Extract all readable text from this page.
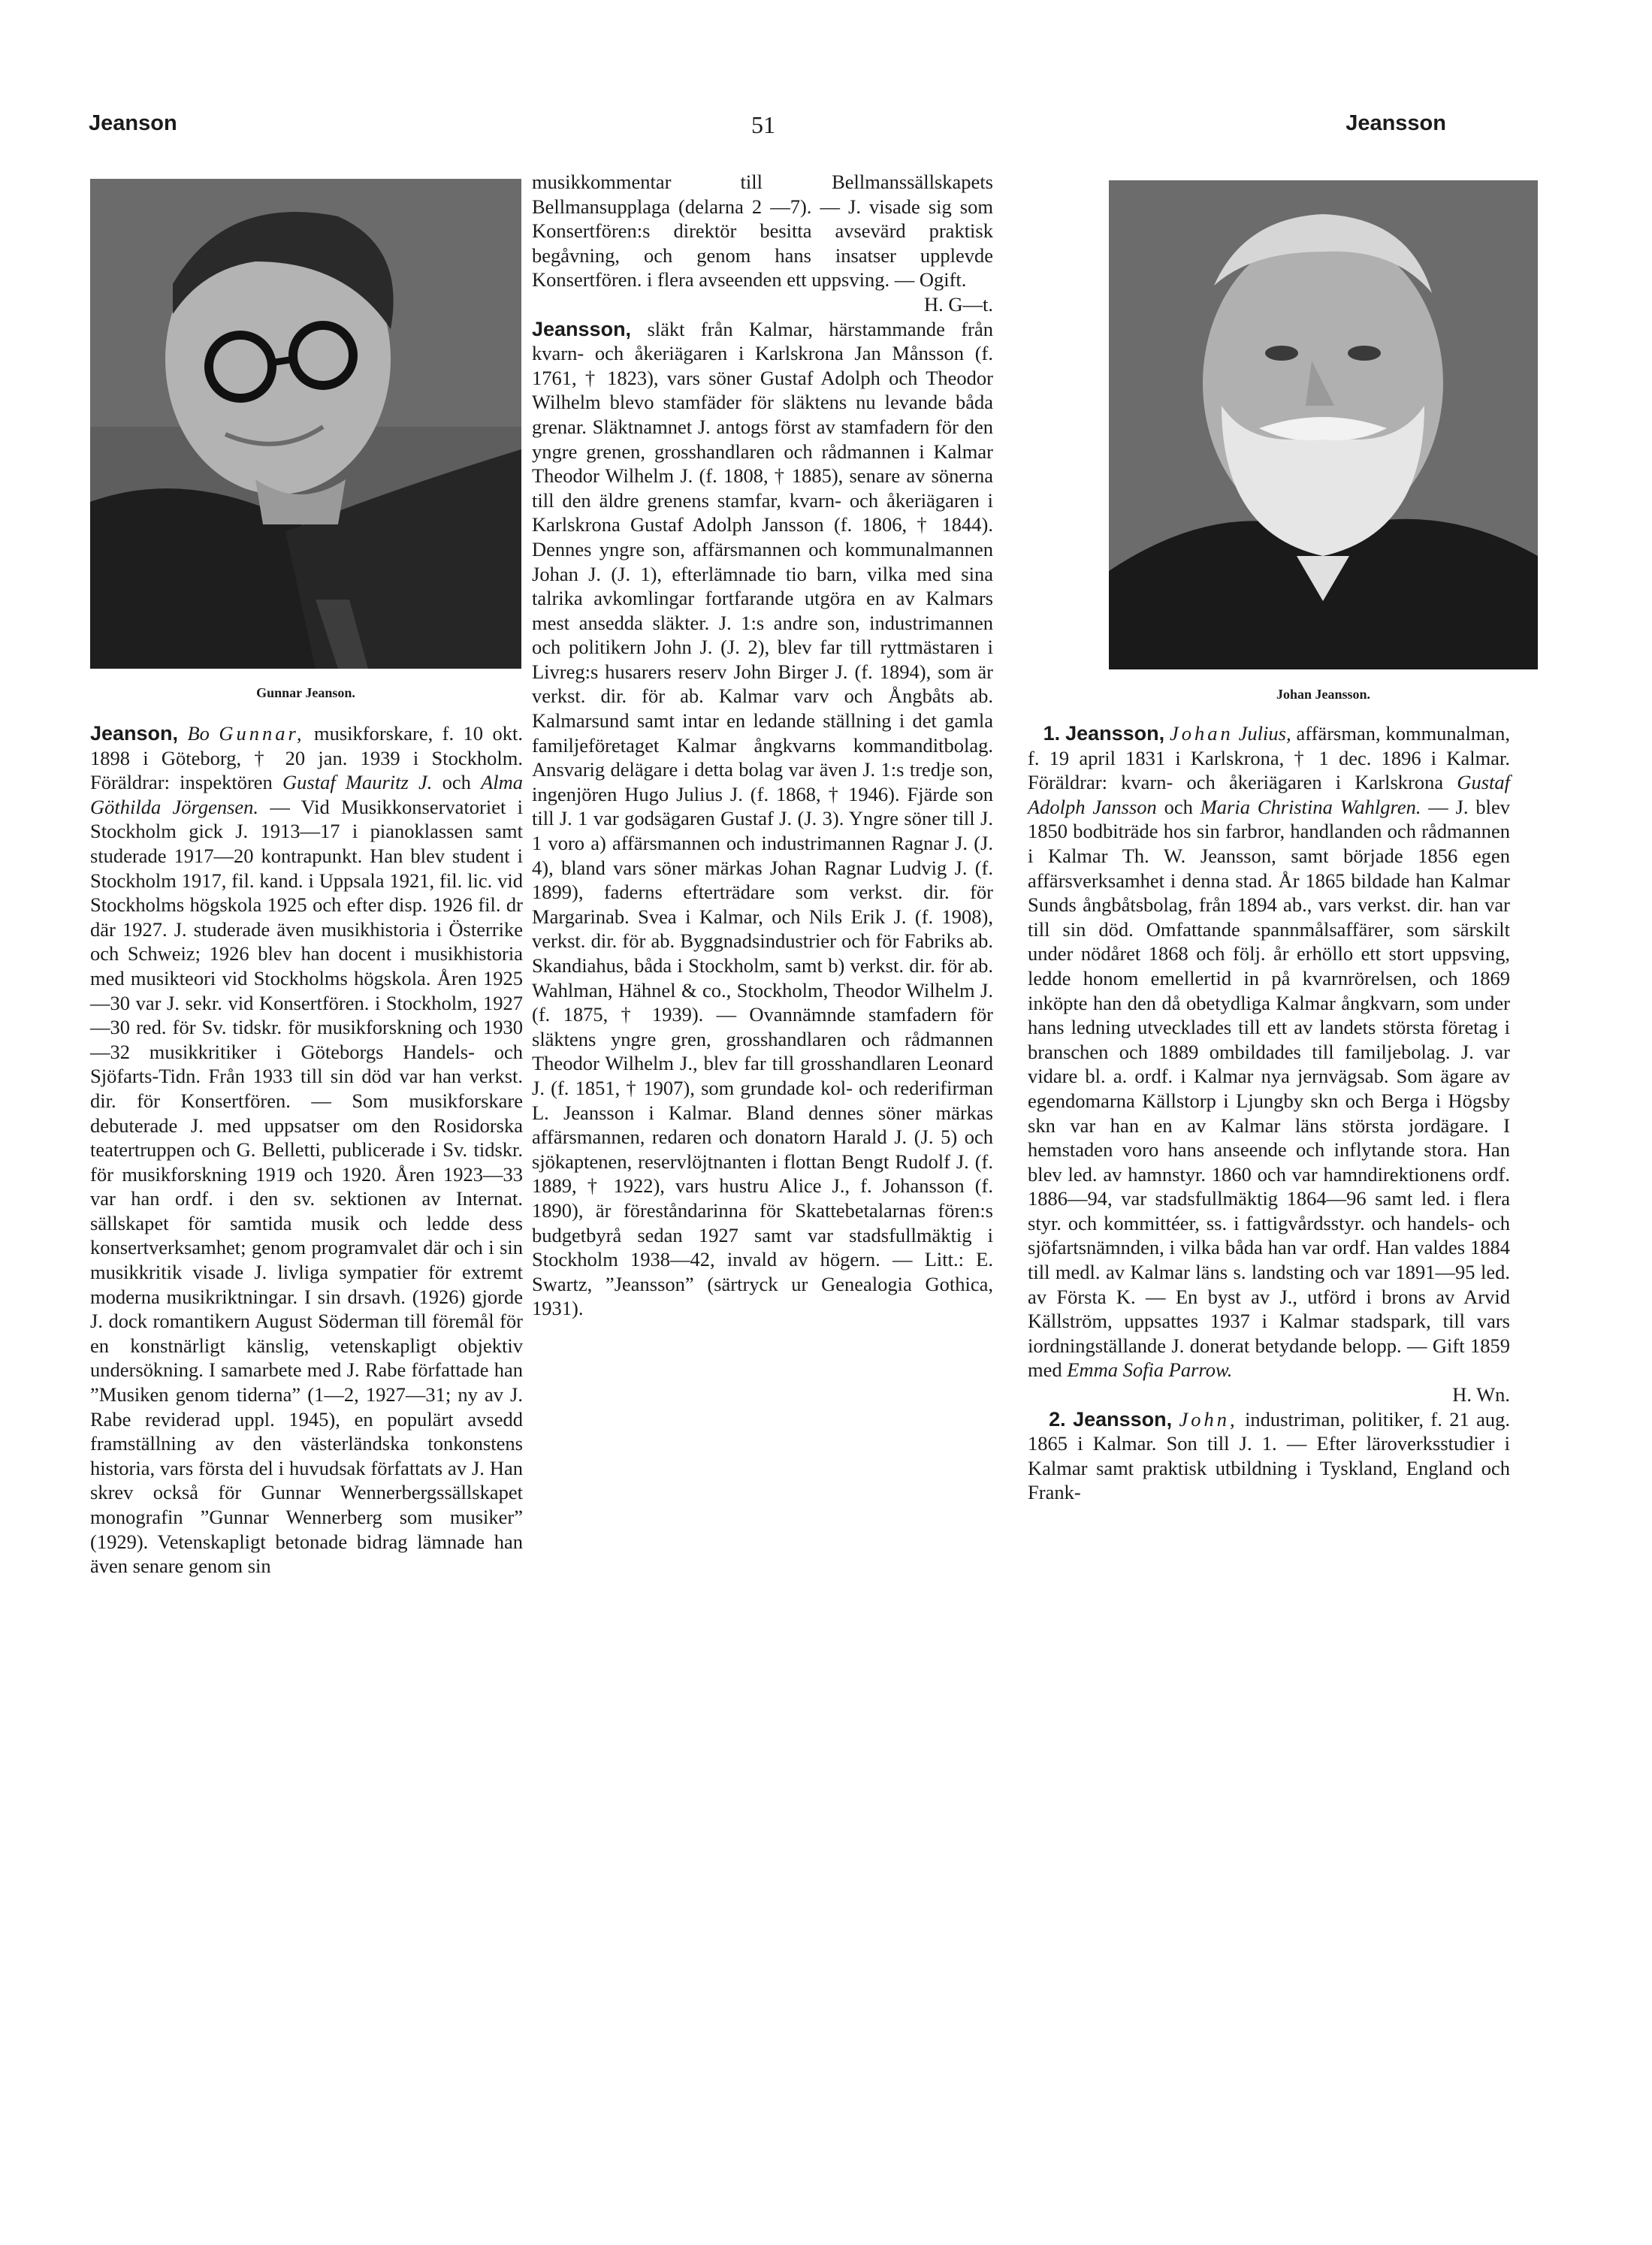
Jeanson	51	Jeansson
Gunnar Jeanson.	Johan Jeansson.

Jeanson, Bo Gunnar, musikforskare, f. 10 okt. 1898 i Göteborg, † 20 jan. 1939 i Stockholm. Föräldrar: inspektören Gustaf Mauritz J. och Alma Göthilda Jörgensen. — Vid Musikkonservatoriet i Stockholm gick J. 1913—17 i pianoklassen samt studerade 1917—20 kontrapunkt. Han blev student i Stockholm 1917, fil. kand. i Uppsala 1921, fil. lic. vid Stockholms högskola 1925 och efter disp. 1926 fil. dr där 1927. J. studerade även musikhistoria i Österrike och Schweiz; 1926 blev han docent i musikhistoria med musikteori vid Stockholms högskola. Åren 1925—30 var J. sekr. vid Konsertfören. i Stockholm, 1927 —30 red. för Sv. tidskr. för musikforskning och 1930—32 musikkritiker i Göteborgs Handels- och Sjöfarts-Tidn. Från 1933 till sin död var han verkst. dir. för Konsertfören. — Som musikforskare debuterade J. med uppsatser om den Rosidorska teatertruppen och G. Belletti, publicerade i Sv. tidskr. för musikforskning 1919 och 1920. Åren 1923—33 var han ordf. i den sv. sektionen av Internat. sällskapet för samtida musik och ledde dess konsertverksamhet; genom programvalet där och i sin musikkritik visade J. livliga sympatier för extremt moderna musikriktningar. I sin drsavh. (1926) gjorde J. dock romantikern August Söderman till föremål för en konstnärligt känslig, vetenskapligt objektiv undersökning. I samarbete med J. Rabe författade han ”Musiken genom tiderna” (1—2, 1927—31; ny av J. Rabe reviderad uppl. 1945), en populärt avsedd framställning av den västerländska tonkonstens historia, vars första del i huvudsak författats av J. Han skrev också för Gunnar Wennerbergssällskapet monografin ”Gunnar Wennerberg som musiker” (1929). Vetenskapligt betonade bidrag lämnade han även senare genom sin

musikkommentar till Bellmanssällskapets Bellmansupplaga (delarna 2 —7). — J. visade sig som Konsertfören:s direktör besitta avsevärd praktisk begåvning, och genom hans insatser upplevde Konsertfören. i flera avseenden ett uppsving. — Ogift.

H. G—t.

Jeansson, släkt från Kalmar, härstammande från kvarn- och åkeriägaren i Karlskrona Jan Månsson (f. 1761, † 1823), vars söner Gustaf Adolph och Theodor Wilhelm blevo stamfäder för släktens nu levande båda grenar. Släktnamnet J. antogs först av stamfadern för den yngre grenen, grosshandlaren och rådmannen i Kalmar Theodor Wilhelm J. (f. 1808, † 1885), senare av sönerna till den äldre grenens stamfar, kvarn- och åkeriägaren i Karlskrona Gustaf Adolph Jansson (f. 1806, † 1844). Dennes yngre son, affärsmannen och kommunalmannen Johan J. (J. 1), efterlämnade tio barn, vilka med sina talrika avkomlingar fortfarande utgöra en av Kalmars mest ansedda släkter. J. 1:s andre son, industrimannen och politikern John J. (J. 2), blev far till ryttmästaren i Livreg:s husarers reserv John Birger J. (f. 1894), som är verkst. dir. för ab. Kalmar varv och Ångbåts ab. Kalmarsund samt intar en ledande ställning i det gamla familjeföretaget Kalmar ångkvarns kommanditbolag. Ansvarig delägare i detta bolag var även J. 1:s tredje son, ingenjören Hugo Julius J. (f. 1868, † 1946). Fjärde son till J. 1 var godsägaren Gustaf J. (J. 3). Yngre söner till J. 1 voro a) affärsmannen och industrimannen Ragnar J. (J. 4), bland vars söner märkas Johan Ragnar Ludvig J. (f. 1899), faderns efterträdare som verkst. dir. för Margarinab. Svea i Kalmar, och Nils Erik J. (f. 1908), verkst. dir. för ab. Byggnadsindustrier och för Fabriks ab. Skandiahus, båda i Stockholm, samt b) verkst. dir. för ab. Wahlman, Hähnel & co., Stockholm, Theodor Wilhelm J. (f. 1875, † 1939). — Ovannämnde stamfadern för släktens yngre gren, grosshandlaren och rådmannen Theodor Wilhelm J., blev far till grosshandlaren Leonard J. (f. 1851, † 1907), som grundade kol- och rederifirman L. Jeansson i Kalmar. Bland dennes söner märkas affärsmannen, redaren och donatorn Harald J. (J. 5) och sjökaptenen, reservlöjtnanten i flottan Bengt Rudolf J. (f. 1889, † 1922), vars hustru Alice J., f. Johansson (f. 1890), är föreståndarinna för Skattebetalarnas fören:s budgetbyrå sedan 1927 samt var stadsfullmäktig i Stockholm 1938—42, invald av högern. — Litt.: E. Swartz, ”Jeansson” (särtryck ur Genealogia Gothica, 1931).

1. Jeansson, Johan Julius, affärsman, kommunalman, f. 19 april 1831 i Karlskrona, † 1 dec. 1896 i Kalmar. Föräldrar: kvarn- och åkeriägaren i Karlskrona Gustaf Adolph Jansson och Maria Christina Wahlgren. — J. blev 1850 bodbiträde hos sin farbror, handlanden och rådmannen i Kalmar Th. W. Jeansson, samt började 1856 egen affärsverksamhet i denna stad. År 1865 bildade han Kalmar Sunds ångbåtsbolag, från 1894 ab., vars verkst. dir. han var till sin död. Omfattande spannmålsaffärer, som särskilt under nödåret 1868 och följ. år erhöllo ett stort uppsving, ledde honom emellertid in på kvarnrörelsen, och 1869 inköpte han den då obetydliga Kalmar ångkvarn, som under hans ledning utvecklades till ett av landets största företag i branschen och 1889 ombildades till familjebolag. J. var vidare bl. a. ordf. i Kalmar nya jernvägsab. Som ägare av egendomarna Källstorp i Ljungby skn och Berga i Högsby skn var han en av Kalmar läns största jordägare. I hemstaden voro hans anseende och inflytande stora. Han blev led. av hamnstyr. 1860 och var hamndirektionens ordf. 1886—94, var stadsfullmäktig 1864—96 samt led. i flera styr. och kommittéer, ss. i fattigvårdsstyr. och handels- och sjöfartsnämnden, i vilka båda han var ordf. Han valdes 1884 till medl. av Kalmar läns s. landsting och var 1891—95 led. av Första K. — En byst av J., utförd i brons av Arvid Källström, uppsattes 1937 i Kalmar stadspark, till vars iordningställande J. donerat betydande belopp. — Gift 1859 med Emma Sofia Parrow.

H. Wn.

2. Jeansson, John, industriman, politiker, f. 21 aug. 1865 i Kalmar. Son till J. 1. — Efter läroverksstudier i Kalmar samt praktisk utbildning i Tyskland, England och Frank-
